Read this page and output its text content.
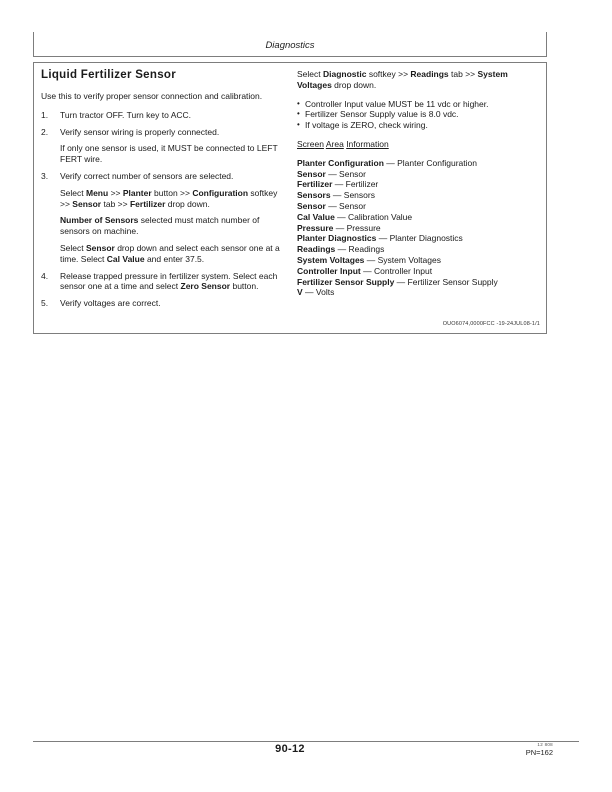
Diagnostics
Liquid Fertilizer Sensor

Use this to verify proper sensor connection and calibration.

1.	Turn tractor OFF. Turn key to ACC.
2.	Verify sensor wiring is properly connected.
If only one sensor is used, it MUST be connected to LEFT FERT wire.
3.	Verify correct number of sensors are selected.
Select Menu >> Planter button >> Configuration softkey >> Sensor tab >> Fertilizer drop down.
Number of Sensors selected must match number of sensors on machine.
Select Sensor drop down and select each sensor one at a time. Select Cal Value and enter 37.5.
4.	Release trapped pressure in fertilizer system. Select each sensor one at a time and select Zero Sensor button.
5.	Verify voltages are correct.

Select Diagnostic softkey >> Readings tab >> System Voltages drop down.

• Controller Input value MUST be 11 vdc or higher.
• Fertilizer Sensor Supply value is 8.0 vdc.
• If voltage is ZERO, check wiring.

Screen Area Information

Planter Configuration — Planter Configuration
Sensor — Sensor
Fertilizer — Fertilizer
Sensors — Sensors
Sensor — Sensor
Cal Value — Calibration Value
Pressure — Pressure
Planter Diagnostics — Planter Diagnostics
Readings — Readings
System Voltages — System Voltages
Controller Input — Controller Input
Fertilizer Sensor Supply — Fertilizer Sensor Supply
V — Volts
OUO6074,0000FCC -19-24JUL08-1/1
90-12	12 808
PN=162
